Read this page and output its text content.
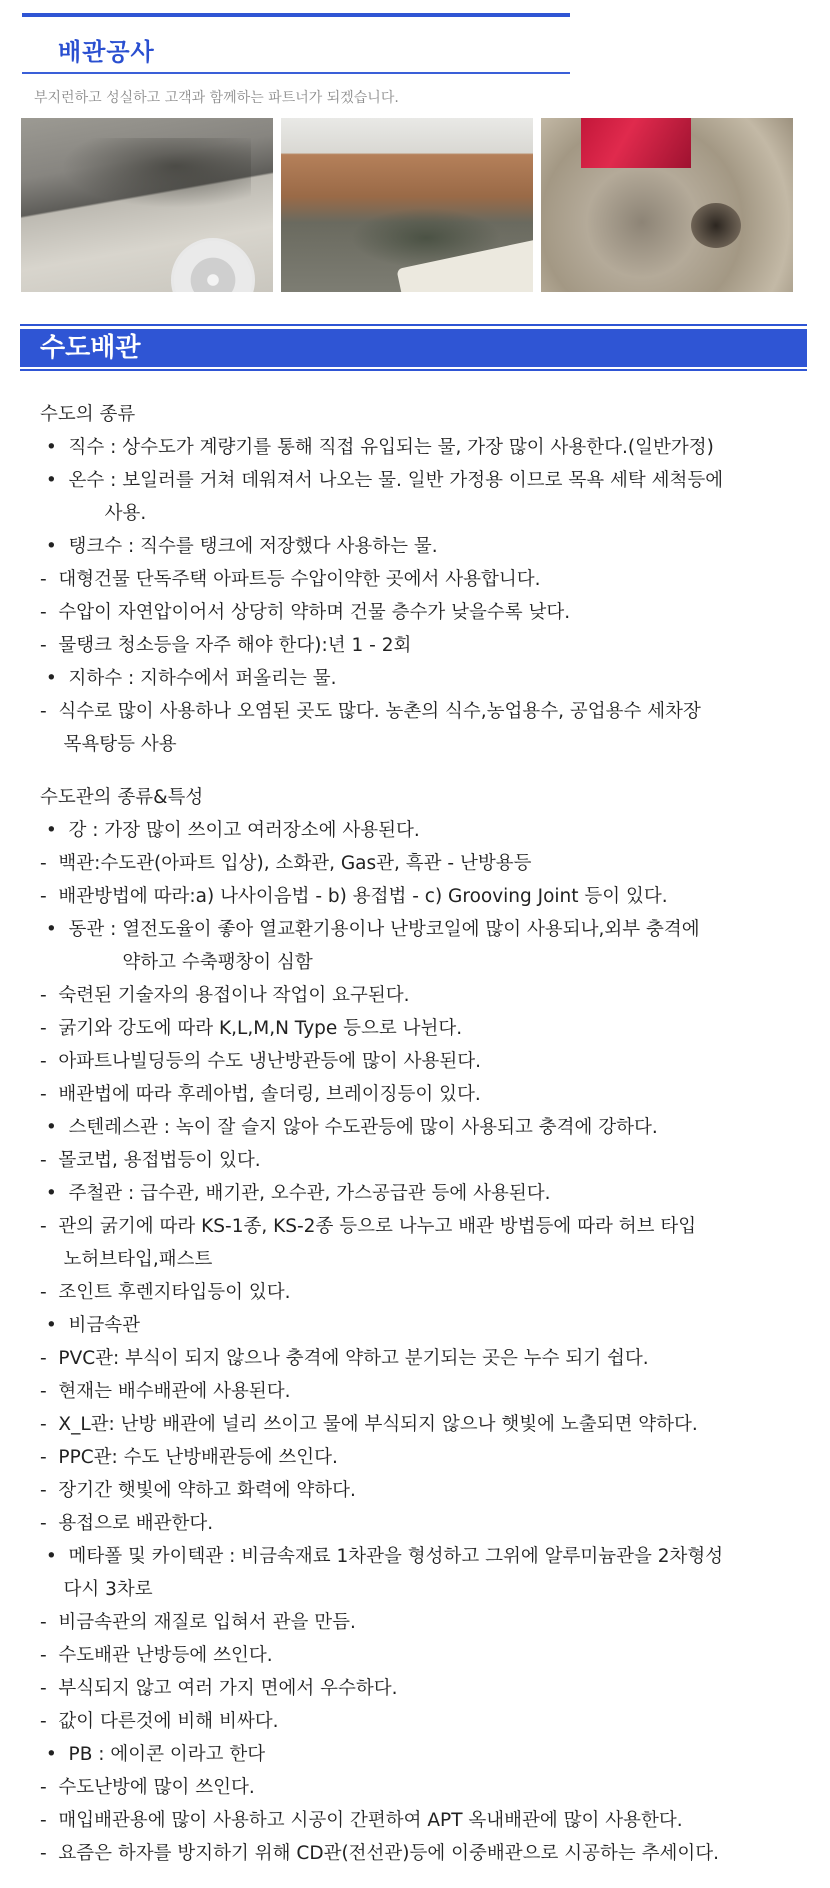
배관공사

부지런하고 성실하고 고객과 함께하는 파트너가 되겠습니다.

수도배관
수도의 종류

•  직수 : 상수도가 계량기를 통해 직접 유입되는 물, 가장 많이 사용한다.(일반가정)

•  온수 : 보일러를 거쳐 데워져서 나오는 물. 일반 가정용 이므로 목욕 세탁 세척등에
사용.

•  탱크수 : 직수를 탱크에 저장했다 사용하는 물.

-  대형건물 단독주택 아파트등 수압이약한 곳에서 사용합니다.

-  수압이 자연압이어서 상당히 약하며 건물 층수가 낮을수록 낮다.

-  물탱크 청소등을 자주 해야 한다):년 1 - 2회

•  지하수 : 지하수에서 퍼올리는 물.

-  식수로 많이 사용하나 오염된 곳도 많다. 농촌의 식수,농업용수, 공업용수 세차장
목욕탕등 사용

수도관의 종류&특성

•  강 : 가장 많이 쓰이고 여러장소에 사용된다.

-  백관:수도관(아파트 입상), 소화관, Gas관, 흑관 - 난방용등

-  배관방법에 따라:a) 나사이음법 - b) 용접법 - c) Grooving Joint 등이 있다.

•  동관 : 열전도율이 좋아 열교환기용이나 난방코일에 많이 사용되나,외부 충격에
약하고 수축팽창이 심함

-  숙련된 기술자의 용접이나 작업이 요구된다.

-  굵기와 강도에 따라 K,L,M,N Type 등으로 나뉜다.

-  아파트나빌딩등의 수도 냉난방관등에 많이 사용된다.

-  배관법에 따라 후레아법, 솔더링, 브레이징등이 있다.

•  스텐레스관 : 녹이 잘 슬지 않아 수도관등에 많이 사용되고 충격에 강하다.

-  몰코법, 용접법등이 있다.

•  주철관 : 급수관, 배기관, 오수관, 가스공급관 등에 사용된다.

-  관의 굵기에 따라 KS-1종, KS-2종 등으로 나누고 배관 방법등에 따라 허브 타입
노허브타입,패스트

-  조인트 후렌지타입등이 있다.

•  비금속관

-  PVC관: 부식이 되지 않으나 충격에 약하고 분기되는 곳은 누수 되기 쉽다.

-  현재는 배수배관에 사용된다.

-  X_L관: 난방 배관에 널리 쓰이고 물에 부식되지 않으나 햇빛에 노출되면 약하다.

-  PPC관: 수도 난방배관등에 쓰인다.

-  장기간 햇빛에 약하고 화력에 약하다.

-  용접으로 배관한다.

•  메타폴 및 카이텍관 : 비금속재료 1차관을 형성하고 그위에 알루미늄관을 2차형성
다시 3차로

-  비금속관의 재질로 입혀서 관을 만듬.

-  수도배관 난방등에 쓰인다.

-  부식되지 않고 여러 가지 면에서 우수하다.

-  값이 다른것에 비해 비싸다.

•  PB : 에이콘 이라고 한다

-  수도난방에 많이 쓰인다.

-  매입배관용에 많이 사용하고 시공이 간편하여 APT 옥내배관에 많이 사용한다.

-  요즘은 하자를 방지하기 위해 CD관(전선관)등에 이중배관으로 시공하는 추세이다.
